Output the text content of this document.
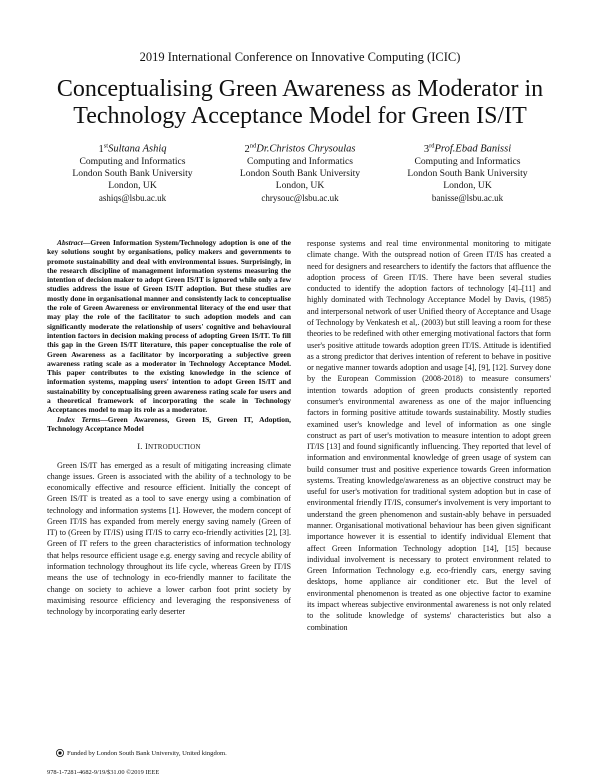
2019 International Conference on Innovative Computing (ICIC)
Conceptualising Green Awareness as Moderator in Technology Acceptance Model for Green IS/IT
1stSultana Ashiq
Computing and Informatics
London South Bank University
London, UK
ashiqs@lsbu.ac.uk
2ndDr.Christos Chrysoulas
Computing and Informatics
London South Bank University
London, UK
chrysouc@lsbu.ac.uk
3rdProf.Ebad Banissi
Computing and Informatics
London South Bank University
London, UK
banisse@lsbu.ac.uk

Abstract—Green Information System/Technology adoption is one of the key solutions sought by organisations, policy makers and governments to promote sustainability and deal with environmental issues. Surprisingly, in the research discipline of management information systems measuring the intention of decision maker to adopt Green IS/IT is ignored while only a few studies address the issue of Green IS/IT adoption. But these studies are mostly done in organisational manner and consistently lack to conceptualise the role of Green Awareness or environmental literacy of the end user that may play the role of the facilitator to such adoption models and can significantly moderate the relationship of users' cognitive and behavioural intention factors in decision making process of adopting Green IS/IT. To fill this gap in the Green IS/IT literature, this paper conceptualise the role of Green Awareness as a facilitator by incorporating a subjective green awareness rating scale as a moderator in Technology Acceptance Model. This paper contributes to the existing knowledge in the science of information systems, mapping users' intention to adopt Green IS/IT and sustainability by conceptualising green awareness rating scale for users and a theoretical framework of incorporating the scale in Technology Acceptances model to map its role as a moderator.

Index Terms—Green Awareness, Green IS, Green IT, Adoption, Technology Acceptance Model

I. INTRODUCTION

Green IS/IT has emerged as a result of mitigating increasing climate change issues. Green is associated with the ability of a technology to be economically effective and resource efficient. Initially the concept of Green IS/IT is treated as a tool to save energy using a combination of technology and information systems [1]. However, the modern concept of Green IT/IS has expanded from merely energy saving namely (Green of IT) to (Green by IT/IS) using IT/IS to carry eco-friendly activities [2], [3]. Green of IT refers to the green characteristics of information technology that helps resource efficient usage e.g. energy saving and recycle ability of information technology throughout its life cycle, whereas Green by IT/IS means the use of technology in eco-friendly manner to facilitate the change on society to achieve a lower carbon foot print society by maximising resource efficiency and leveraging the responsiveness of technology by incorporating early deserter

response systems and real time environmental monitoring to mitigate climate change. With the outspread notion of Green IT/IS has created a need for designers and researchers to identify the factors that affluence the adoption process of Green IT/IS. There have been several studies conducted to identify the adoption factors of technology [4]–[11] and highly dominated with Technology Acceptance Model by Davis, (1985) and interpersonal network of user Unified theory of Acceptance and Usage of Technology by Venkatesh et al,. (2003) but still leaving a room for these theories to be redefined with other emerging motivational factors that form user's positive attitude towards adoption green IT/IS. Attitude is identified as a strong predictor that derives intention of referent to behave in positive or negative manner towards adoption and usage [4], [9], [12]. Survey done by the European Commission (2008-2018) to measure consumers' intention towards adoption of green products consistently reported consumer's environmental awareness as one of the major influencing factors in forming positive attitude towards sustainability. Mostly studies examined user's knowledge and level of information as one single construct as part of user's motivation to measure intention to adopt green IT/IS [13] and found significantly influencing. They reported that level of information and environmental knowledge of green usage of system can build consumer trust and positive experience towards Green information systems. Treating knowledge/awareness as an objective construct may be useful for user's motivation for traditional system adoption but in case of environmental friendly IT/IS, consumer's involvement is very important to understand the green phenomenon and sustain-ably behave in persuaded manner. Organisational motivational behaviour has been given significant importance however it is essential to identify individual Element that affect Green Information Technology adoption [14], [15] because individual involvement is necessary to protect environment related to Green Information Technology e.g. eco-friendly cars, energy saving desktops, home appliance air conditioner etc. But the level of environmental phenomenon is treated as one objective factor to examine its impact whereas subjective environmental awareness is not only related to the solitude knowledge of systems' characteristics but also a combination

Funded by London South Bank University, United kingdom.
978-1-7281-4682-9/19/$31.00 ©2019 IEEE
